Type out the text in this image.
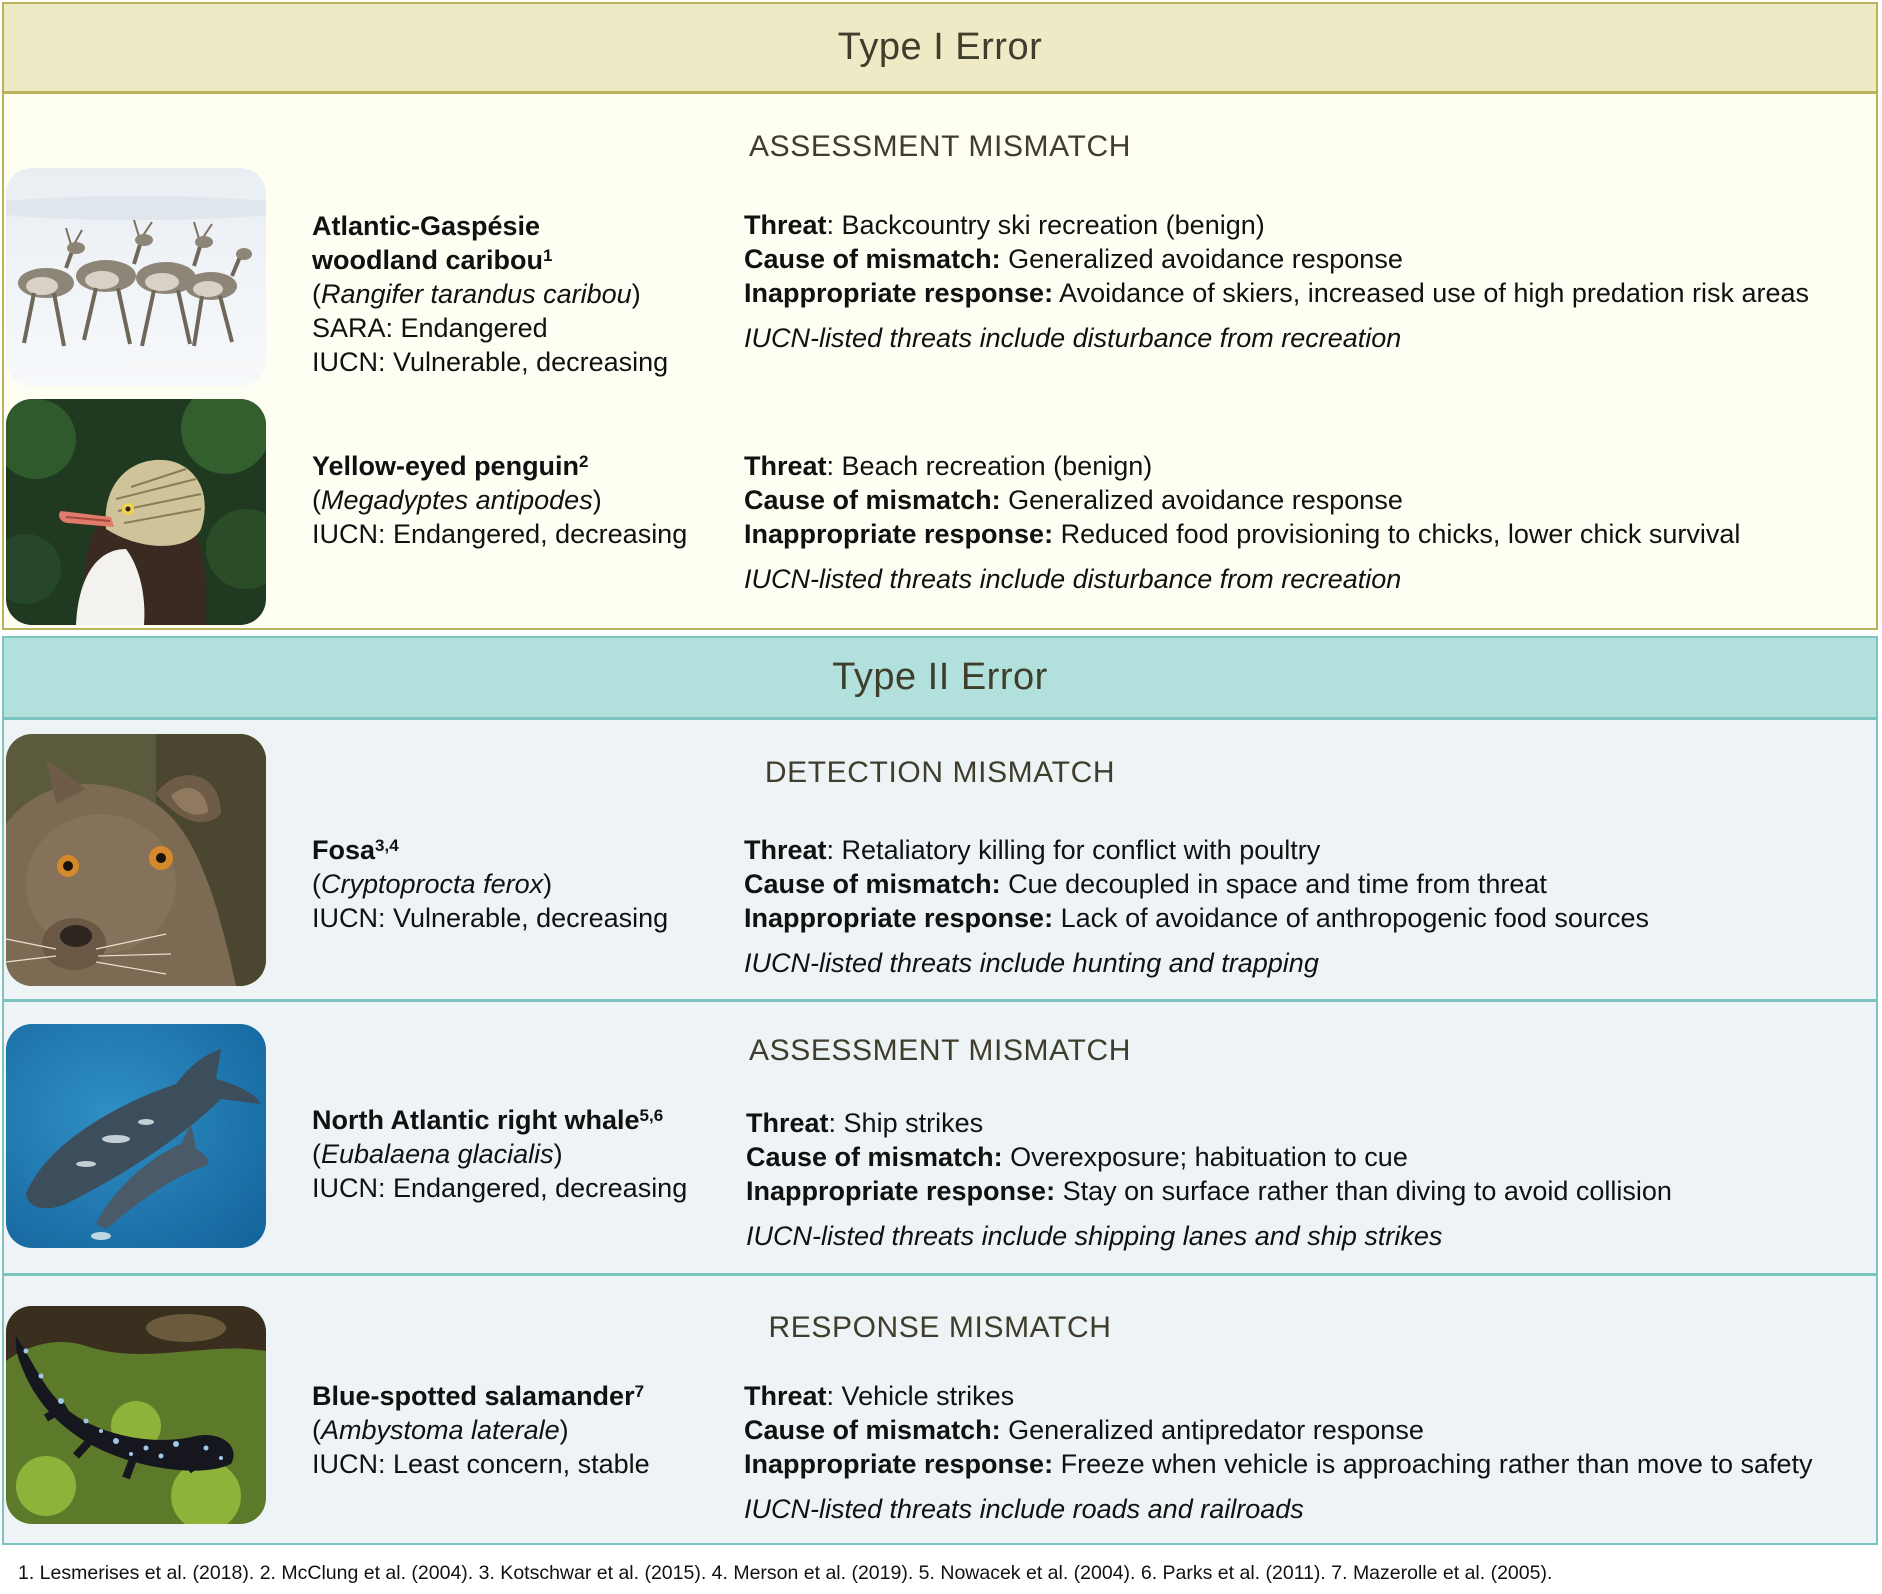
Type I Error
ASSESSMENT MISMATCH
Atlantic-Gaspésie
woodland caribou$^1$
(Rangifer tarandus caribou)
SARA: Endangered
IUCN: Vulnerable, decreasing
Threat: Backcountry ski recreation (benign)
Cause of mismatch: Generalized avoidance response
Inappropriate response: Avoidance of skiers, increased use of high predation risk areas
IUCN-listed threats include disturbance from recreation
Yellow-eyed penguin$^2$
(Megadyptes antipodes)
IUCN: Endangered, decreasing
Threat: Beach recreation (benign)
Cause of mismatch: Generalized avoidance response
Inappropriate response: Reduced food provisioning to chicks, lower chick survival
IUCN-listed threats include disturbance from recreation
Type II Error
DETECTION MISMATCH
ASSESSMENT MISMATCH
RESPONSE MISMATCH
Fosa$^{3,4}$
(Cryptoprocta ferox)
IUCN: Vulnerable, decreasing
Threat: Retaliatory killing for conflict with poultry
Cause of mismatch: Cue decoupled in space and time from threat
Inappropriate response: Lack of avoidance of anthropogenic food sources
IUCN-listed threats include hunting and trapping
North Atlantic right whale$^{5,6}$
(Eubalaena glacialis)
IUCN: Endangered, decreasing
Threat: Ship strikes
Cause of mismatch: Overexposure; habituation to cue
Inappropriate response: Stay on surface rather than diving to avoid collision
IUCN-listed threats include shipping lanes and ship strikes
Blue-spotted salamander$^7$
(Ambystoma laterale)
IUCN: Least concern, stable
Threat: Vehicle strikes
Cause of mismatch: Generalized antipredator response
Inappropriate response: Freeze when vehicle is approaching rather than move to safety
IUCN-listed threats include roads and railroads
1. Lesmerises et al. (2018). 2. McClung et al. (2004). 3. Kotschwar et al. (2015). 4. Merson et al. (2019). 5. Nowacek et al. (2004). 6. Parks et al. (2011). 7. Mazerolle et al. (2005).
